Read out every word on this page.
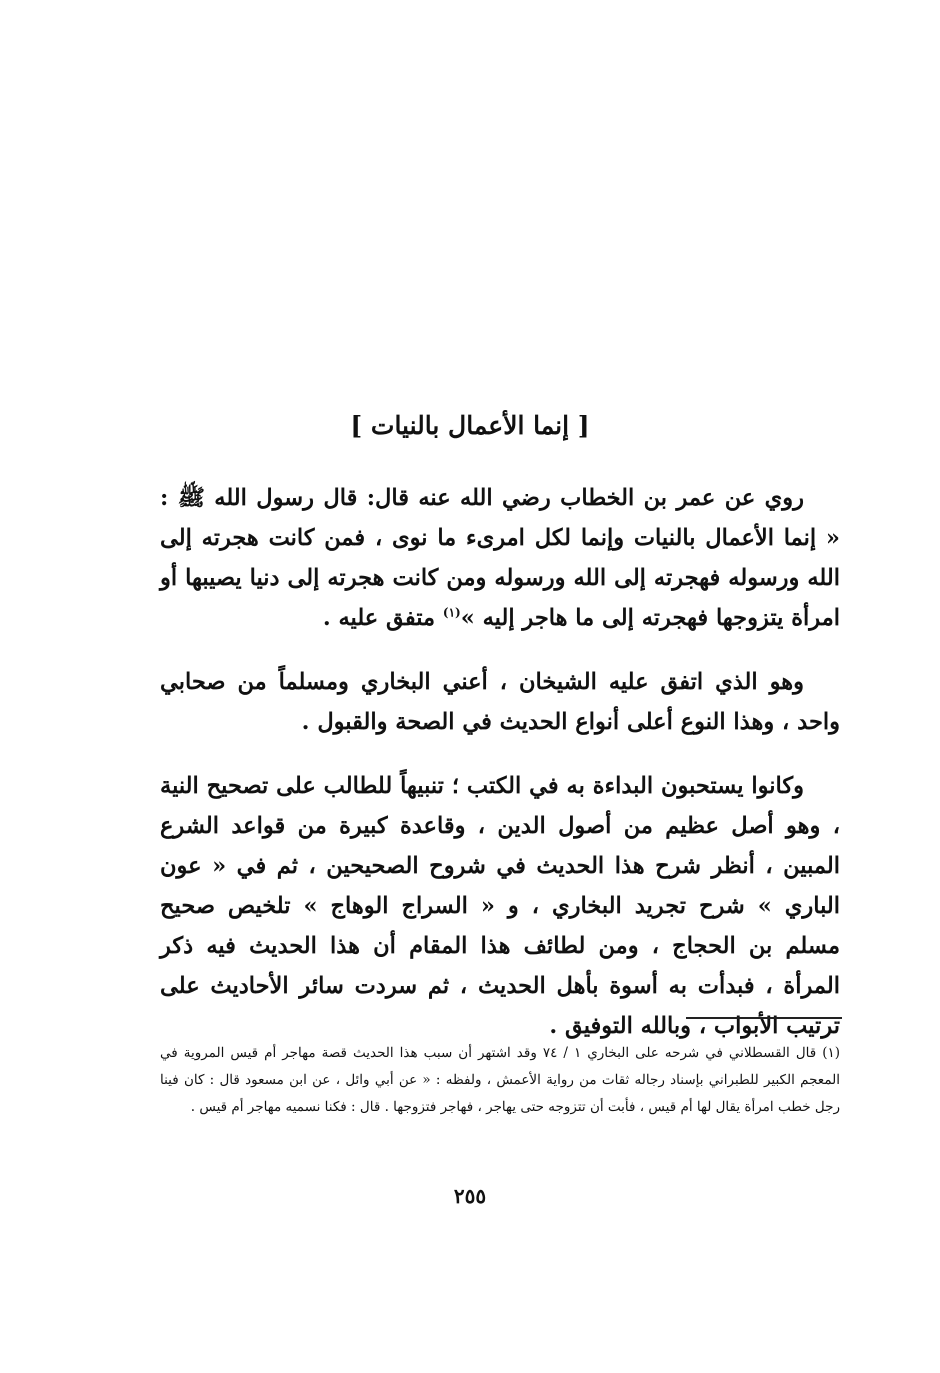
[ إنما الأعمال بالنيات ]

روي عن عمر بن الخطاب رضي الله عنه قال: قال رسول الله ﷺ : « إنما الأعمال بالنيات وإنما لكل امرىء ما نوى ، فمن كانت هجرته إلى الله ورسوله فهجرته إلى الله ورسوله ومن كانت هجرته إلى دنيا يصيبها أو امرأة يتزوجها فهجرته إلى ما هاجر إليه »$^{(١)}$ متفق عليه .

وهو الذي اتفق عليه الشيخان ، أعني البخاري ومسلماً من صحابي واحد ، وهذا النوع أعلى أنواع الحديث في الصحة والقبول .

وكانوا يستحبون البداءة به في الكتب ؛ تنبيهاً للطالب على تصحيح النية ، وهو أصل عظيم من أصول الدين ، وقاعدة كبيرة من قواعد الشرع المبين ، أنظر شرح هذا الحديث في شروح الصحيحين ، ثم في « عون الباري » شرح تجريد البخاري ، و « السراج الوهاج » تلخيص صحيح مسلم بن الحجاج ، ومن لطائف هذا المقام أن هذا الحديث فيه ذكر المرأة ، فبدأت به أسوة بأهل الحديث ، ثم سردت سائر الأحاديث على ترتيب الأبواب ، وبالله التوفيق .

(١) قال القسطلاني في شرحه على البخاري ١ / ٧٤ وقد اشتهر أن سبب هذا الحديث قصة مهاجر أم قيس المروية في المعجم الكبير للطبراني بإسناد رجاله ثقات من رواية الأعمش ، ولفظه : « عن أبي وائل ، عن ابن مسعود قال : كان فينا رجل خطب امرأة يقال لها أم قيس ، فأبت أن تتزوجه حتى يهاجر ، فهاجر فتزوجها . قال : فكنا نسميه مهاجر أم قيس .

٢٥٥
